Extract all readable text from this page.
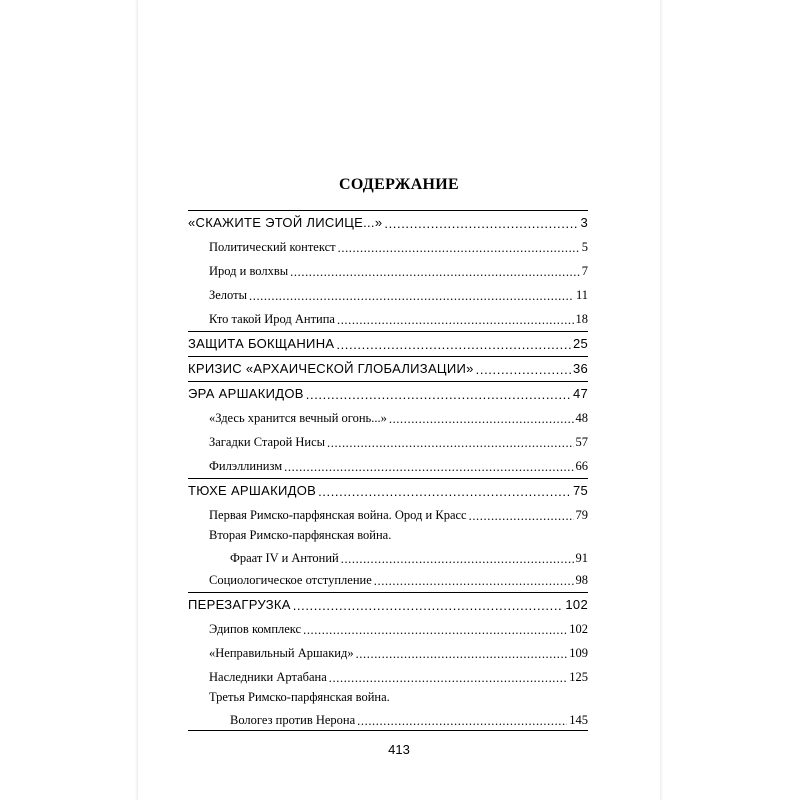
СОДЕРЖАНИЕ
«СКАЖИТЕ ЭТОЙ ЛИСИЦЕ...» .....	3
Политический контекст .....	5
Ирод и волхвы .....	7
Зелоты .....	11
Кто такой Ирод Антипа .....	18
ЗАЩИТА БОКЩАНИНА .....	25
КРИЗИС «АРХАИЧЕСКОЙ ГЛОБАЛИЗАЦИИ» .....	36
ЭРА АРШАКИДОВ .....	47
«Здесь хранится вечный огонь...» .....	48
Загадки Старой Нисы .....	57
Филэллинизм .....	66
ТЮХЕ АРШАКИДОВ .....	75
Первая Римско-парфянская война. Ород и Красс .....	79
Вторая Римско-парфянская война.
Фраат IV и Антоний .....	91
Социологическое отступление .....	98
ПЕРЕЗАГРУЗКА .....	102
Эдипов комплекс .....	102
«Неправильный Аршакид» .....	109
Наследники Артабана .....	125
Третья Римско-парфянская война.
Вологез против Нерона .....	145
413
